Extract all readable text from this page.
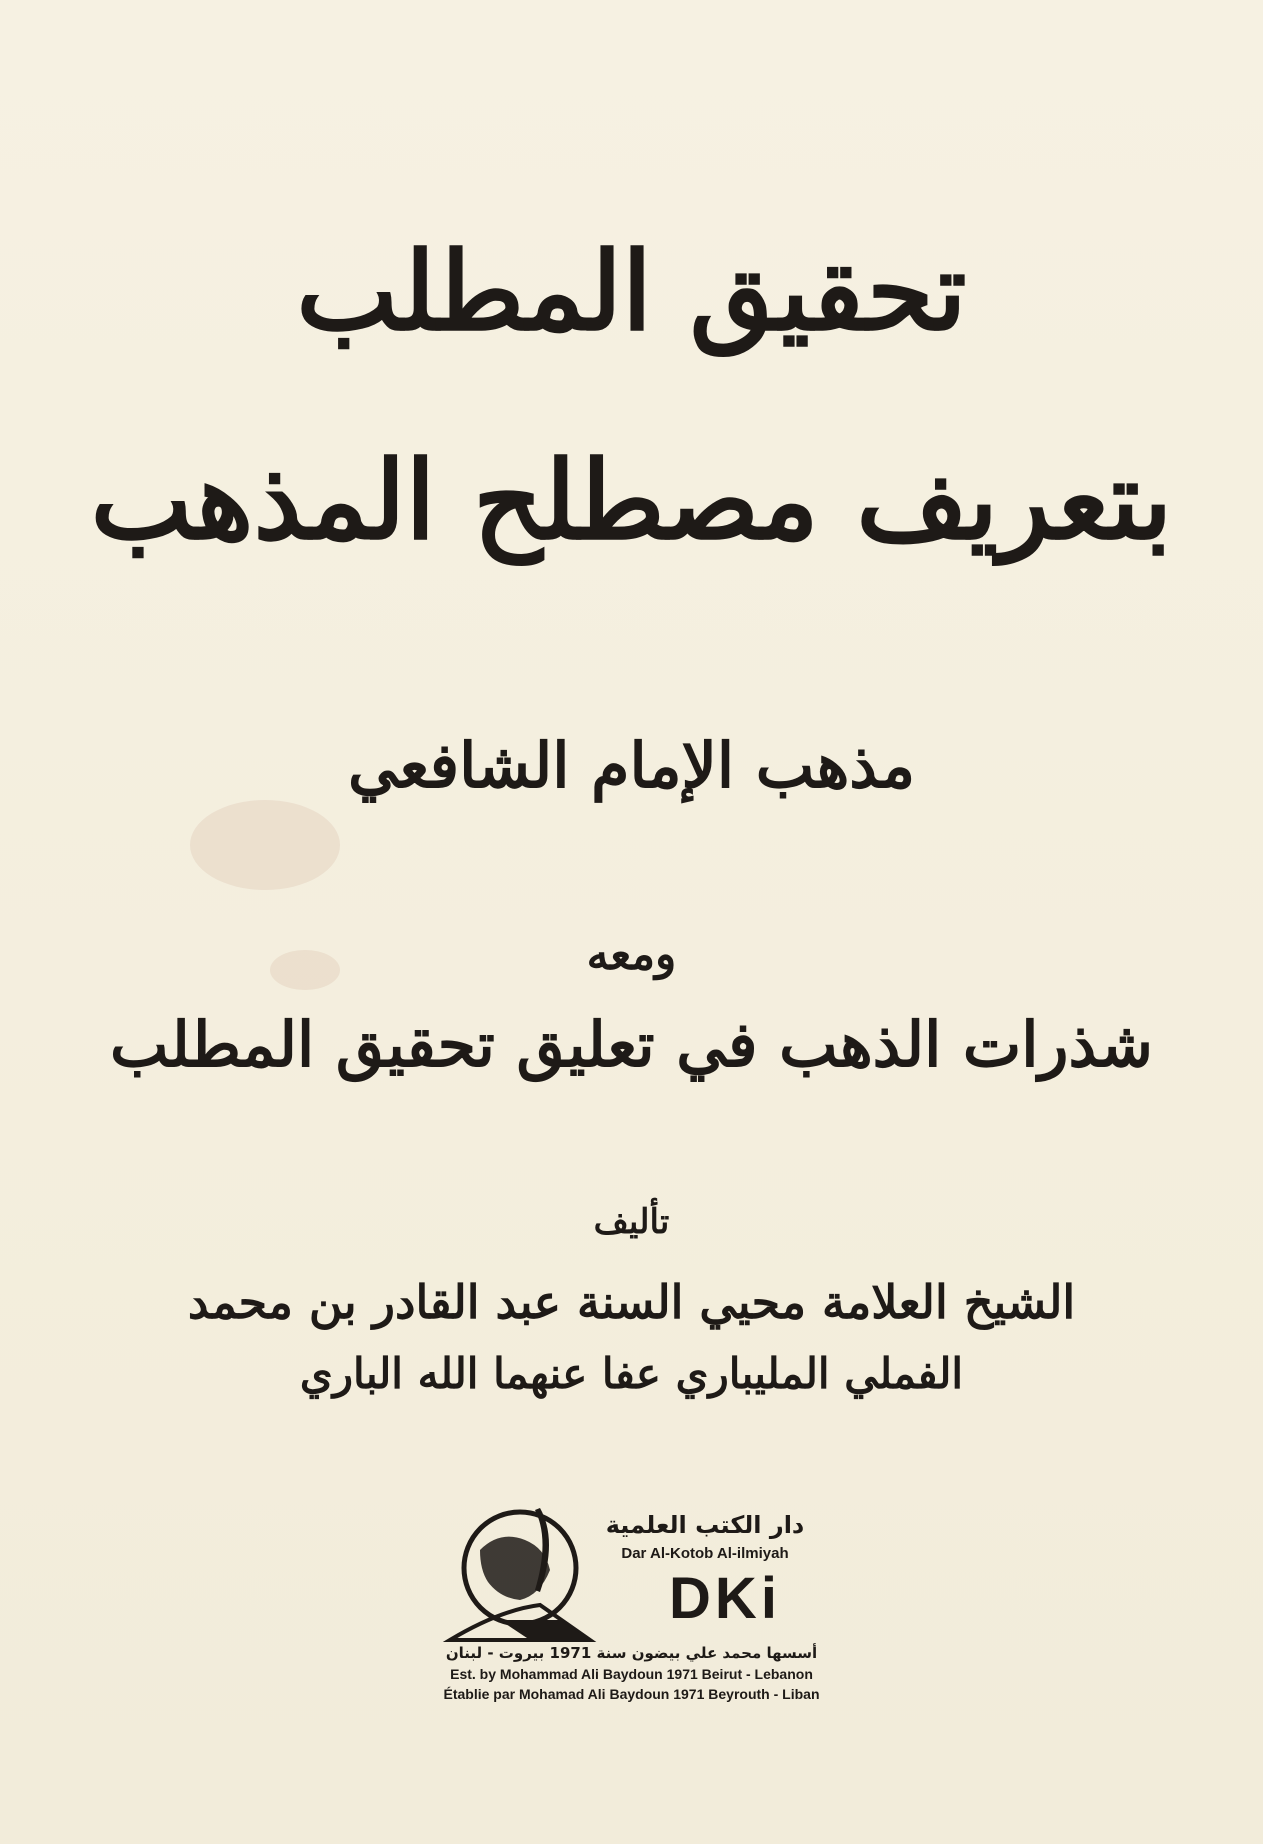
تحقيق المطلب
بتعريف مصطلح المذهب
مذهب الإمام الشافعي
ومعه
شذرات الذهب في تعليق تحقيق المطلب
تأليف
الشيخ العلامة محيي السنة عبد القادر بن محمد
الفملي المليباري عفا عنهما الله الباري
دار الكتب العلمية
Dar Al-Kotob Al-ilmiyah
DKi
أسسها محمد علي بيضون سنة 1971 بيروت - لبنان
Est. by Mohammad Ali Baydoun 1971 Beirut - Lebanon
Établie par Mohamad Ali Baydoun 1971 Beyrouth - Liban
